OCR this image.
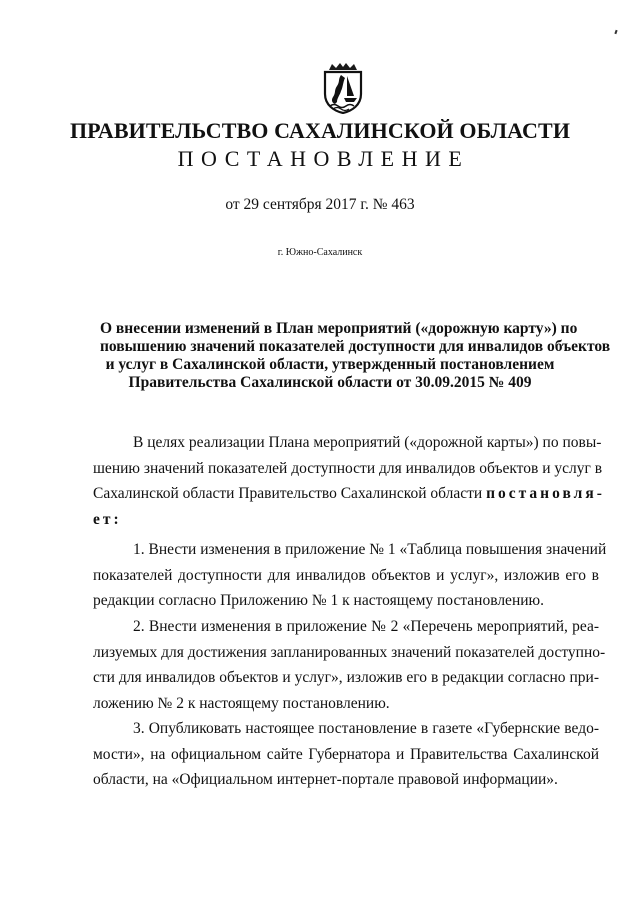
ПРАВИТЕЛЬСТВО САХАЛИНСКОЙ ОБЛАСТИ
ПОСТАНОВЛЕНИЕ
от 29 сентября 2017 г. № 463
г. Южно-Сахалинск
О внесении изменений в План мероприятий («дорожную карту») по
повышению значений показателей доступности для инвалидов объектов
и услуг в Сахалинской области, утвержденный постановлением
Правительства Сахалинской области от 30.09.2015 № 409
В целях реализации Плана мероприятий («дорожной карты») по повы-
шению значений показателей доступности для инвалидов объектов и услуг в
Сахалинской области Правительство Сахалинской области постановля-
ет:
1. Внести изменения в приложение № 1 «Таблица повышения значений
показателей доступности для инвалидов объектов и услуг», изложив его в
редакции согласно Приложению № 1 к настоящему постановлению.
2. Внести изменения в приложение № 2 «Перечень мероприятий, реа-
лизуемых для достижения запланированных значений показателей доступно-
сти для инвалидов объектов и услуг», изложив его в редакции согласно при-
ложению № 2 к настоящему постановлению.
3. Опубликовать настоящее постановление в газете «Губернские ведо-
мости», на официальном сайте Губернатора и Правительства Сахалинской
области, на «Официальном интернет-портале правовой информации».
